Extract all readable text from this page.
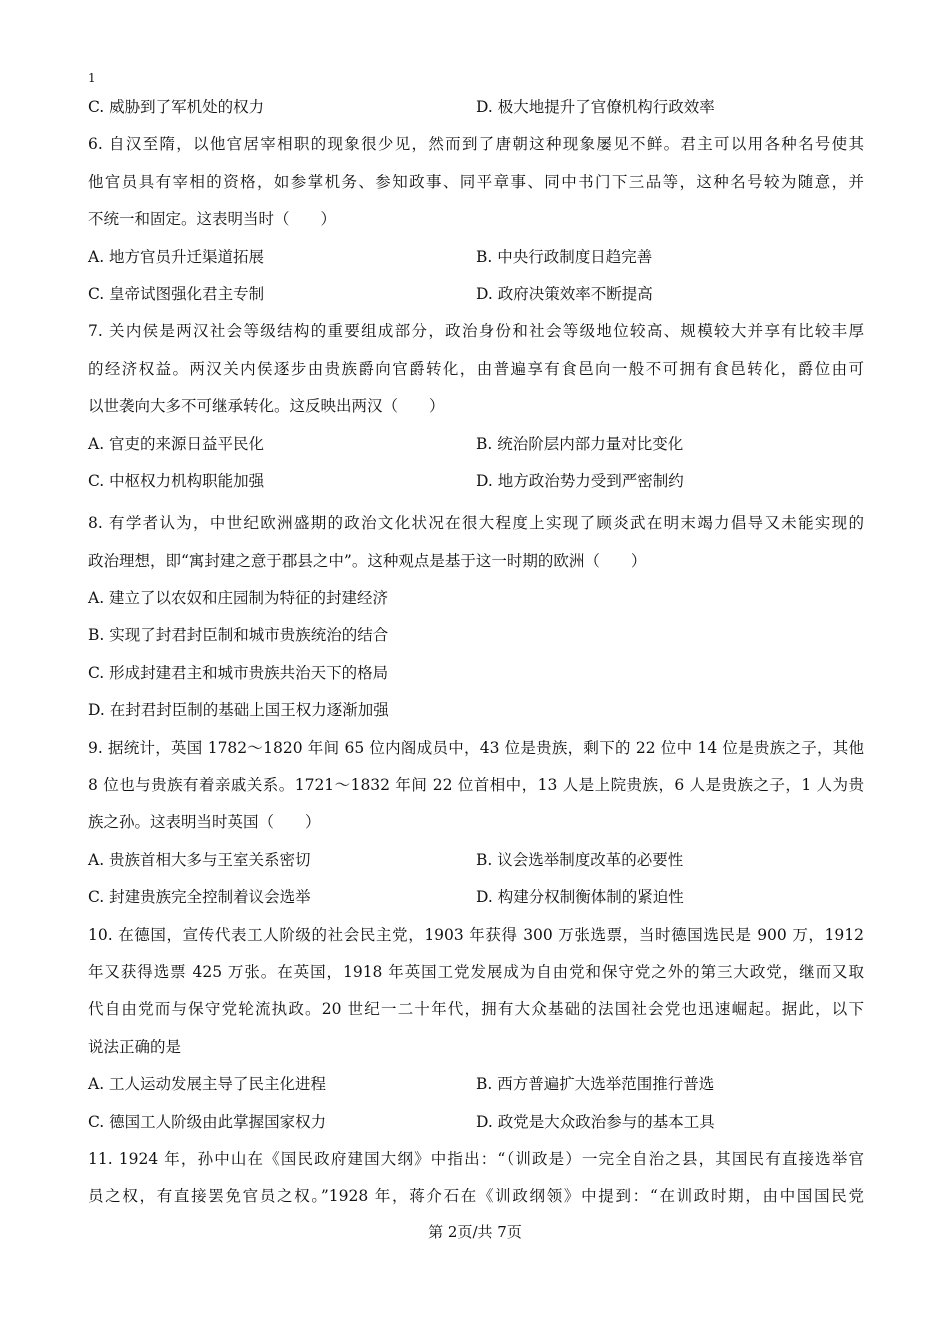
1
C. 威胁到了军机处的权力	D. 极大地提升了官僚机构行政效率
6. 自汉至隋，以他官居宰相职的现象很少见，然而到了唐朝这种现象屡见不鲜。君主可以用各种名号使其
他官员具有宰相的资格，如参掌机务、参知政事、同平章事、同中书门下三品等，这种名号较为随意，并
不统一和固定。这表明当时（　　）
A. 地方官员升迁渠道拓展	B. 中央行政制度日趋完善
C. 皇帝试图强化君主专制	D. 政府决策效率不断提高
7. 关内侯是两汉社会等级结构的重要组成部分，政治身份和社会等级地位较高、规模较大并享有比较丰厚
的经济权益。两汉关内侯逐步由贵族爵向官爵转化，由普遍享有食邑向一般不可拥有食邑转化，爵位由可
以世袭向大多不可继承转化。这反映出两汉（　　）
A. 官吏的来源日益平民化	B. 统治阶层内部力量对比变化
C. 中枢权力机构职能加强	D. 地方政治势力受到严密制约
8. 有学者认为，中世纪欧洲盛期的政治文化状况在很大程度上实现了顾炎武在明末竭力倡导又未能实现的
政治理想，即“寓封建之意于郡县之中”。这种观点是基于这一时期的欧洲（　　）
A. 建立了以农奴和庄园制为特征的封建经济
B. 实现了封君封臣制和城市贵族统治的结合
C. 形成封建君主和城市贵族共治天下的格局
D. 在封君封臣制的基础上国王权力逐渐加强
9. 据统计，英国 1782～1820 年间 65 位内阁成员中，43 位是贵族，剩下的 22 位中 14 位是贵族之子，其他
8 位也与贵族有着亲戚关系。1721～1832 年间 22 位首相中，13 人是上院贵族，6 人是贵族之子，1 人为贵
族之孙。这表明当时英国（　　）
A. 贵族首相大多与王室关系密切	B. 议会选举制度改革的必要性
C. 封建贵族完全控制着议会选举	D. 构建分权制衡体制的紧迫性
10. 在德国，宣传代表工人阶级的社会民主党，1903 年获得 300 万张选票，当时德国选民是 900 万，1912
年又获得选票 425 万张。在英国，1918 年英国工党发展成为自由党和保守党之外的第三大政党，继而又取
代自由党而与保守党轮流执政。20 世纪一二十年代，拥有大众基础的法国社会党也迅速崛起。据此，以下
说法正确的是
A. 工人运动发展主导了民主化进程	B. 西方普遍扩大选举范围推行普选
C. 德国工人阶级由此掌握国家权力	D. 政党是大众政治参与的基本工具
11. 1924 年，孙中山在《国民政府建国大纲》中指出：“（训政是）一完全自治之县，其国民有直接选举官
员之权，有直接罢免官员之权。”1928 年，蒋介石在《训政纲领》中提到：“在训政时期，由中国国民党
第 2页/共 7页
